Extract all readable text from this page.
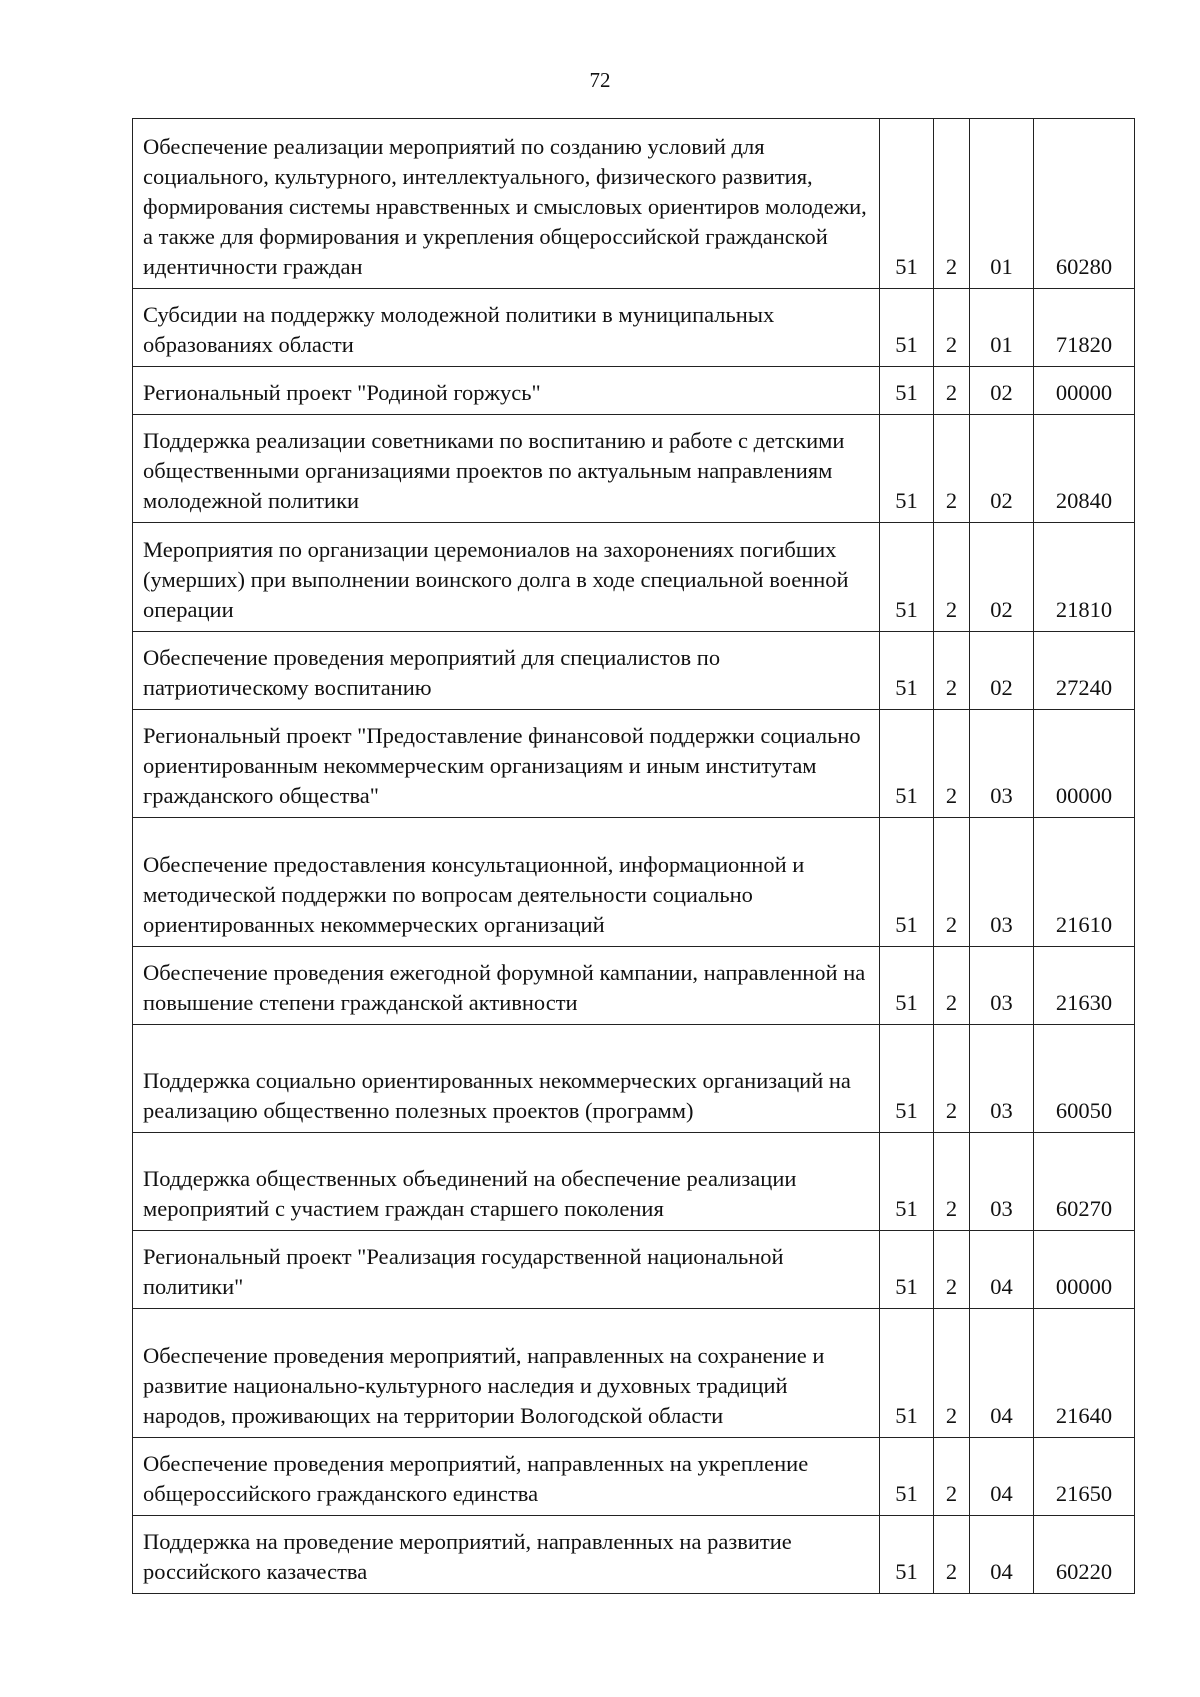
72
Обеспечение реализации мероприятий по созданию условий для социального, культурного, интеллектуального, физического развития, формирования системы нравственных и смысловых ориентиров молодежи, а также для формирования и укрепления общероссийской гражданской идентичности граждан	51	2	01	60280
Субсидии на поддержку молодежной политики в муниципальных образованиях области	51	2	01	71820
Региональный проект "Родиной горжусь"	51	2	02	00000
Поддержка реализации советниками по воспитанию и работе с детскими общественными организациями проектов по актуальным направлениям молодежной политики	51	2	02	20840
Мероприятия по организации церемониалов на захоронениях погибших (умерших) при выполнении воинского долга в ходе специальной военной операции	51	2	02	21810
Обеспечение проведения мероприятий для специалистов по патриотическому воспитанию	51	2	02	27240
Региональный проект "Предоставление финансовой поддержки социально ориентированным некоммерческим организациям и иным институтам гражданского общества"	51	2	03	00000
Обеспечение предоставления консультационной, информационной и методической поддержки по вопросам деятельности социально ориентированных некоммерческих организаций	51	2	03	21610
Обеспечение проведения ежегодной форумной кампании, направленной на повышение степени гражданской активности	51	2	03	21630
Поддержка социально ориентированных некоммерческих организаций на реализацию общественно полезных проектов (программ)	51	2	03	60050
Поддержка общественных объединений на обеспечение реализации мероприятий с участием граждан старшего поколения	51	2	03	60270
Региональный проект "Реализация государственной национальной политики"	51	2	04	00000
Обеспечение проведения мероприятий, направленных на сохранение и развитие национально-культурного наследия и духовных традиций народов, проживающих на территории Вологодской области	51	2	04	21640
Обеспечение проведения мероприятий, направленных на укрепление общероссийского гражданского единства	51	2	04	21650
Поддержка на проведение мероприятий, направленных на развитие российского казачества	51	2	04	60220
